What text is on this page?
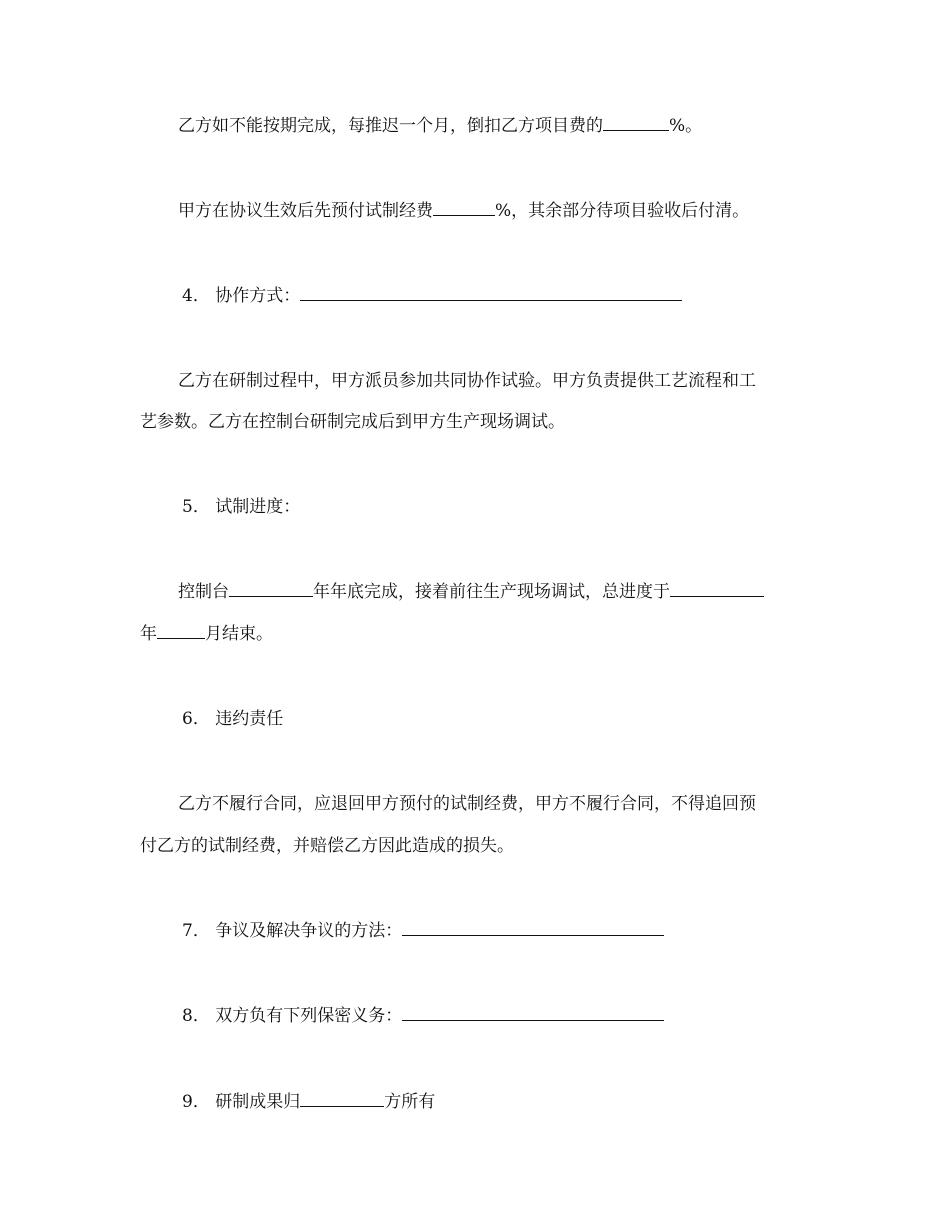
乙方如不能按期完成，每推迟一个月，倒扣乙方项目费的	%。
甲方在协议生效后先预付试制经费	%，其余部分待项目验收后付清。
4． 协作方式：
乙方在研制过程中，甲方派员参加共同协作试验。甲方负责提供工艺流程和工
艺参数。乙方在控制台研制完成后到甲方生产现场调试。
5． 试制进度：
控制台	年年底完成，接着前往生产现场调试，总进度于
年	月结束。
6． 违约责任
乙方不履行合同，应退回甲方预付的试制经费，甲方不履行合同，不得追回预
付乙方的试制经费，并赔偿乙方因此造成的损失。
7． 争议及解决争议的方法：
8． 双方负有下列保密义务：
9． 研制成果归	方所有
